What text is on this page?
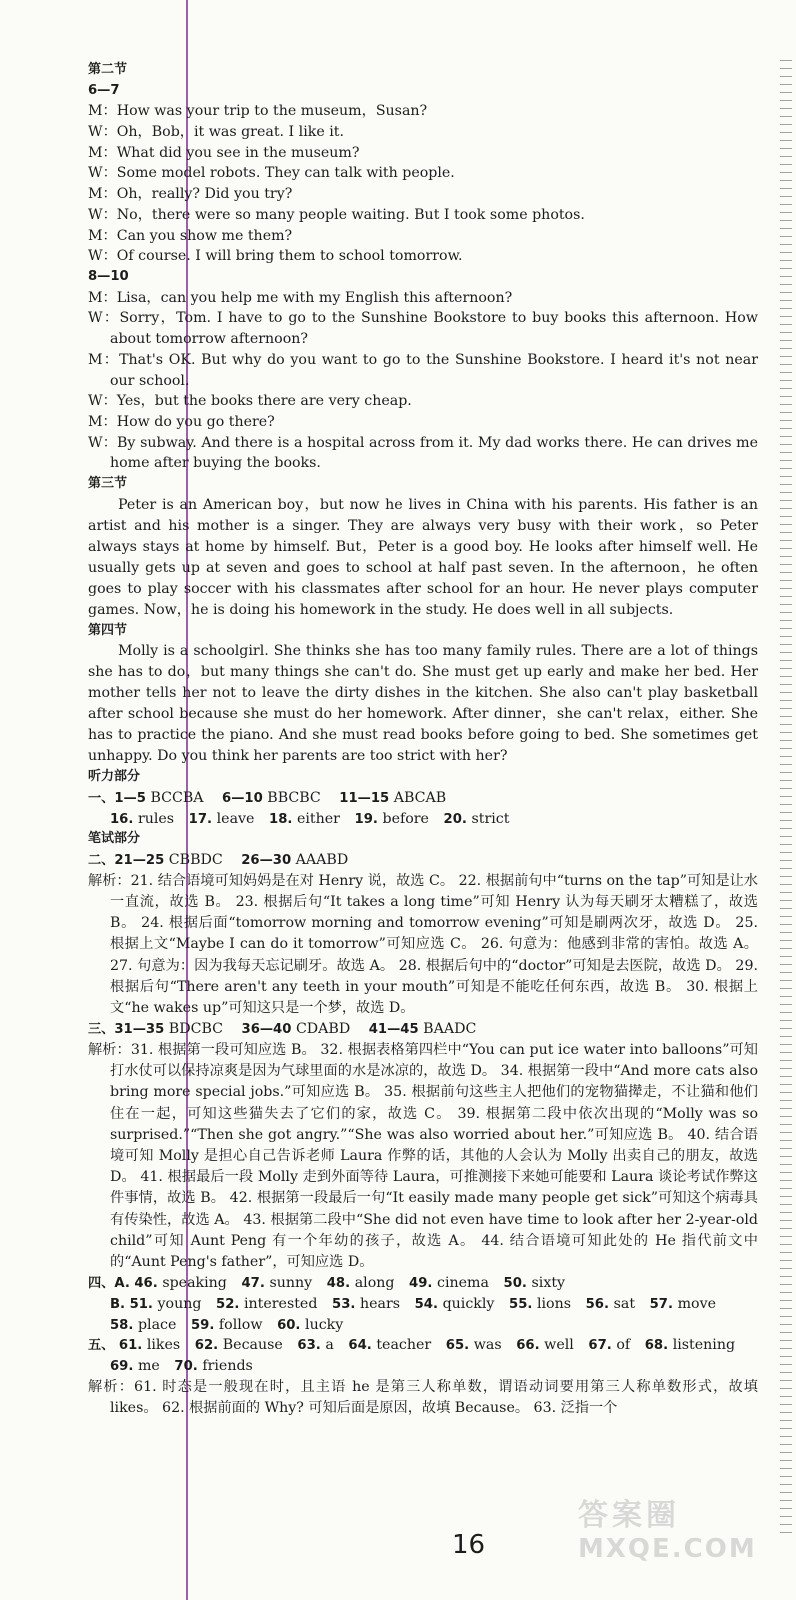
第二节
6—7
M：How was your trip to the museum，Susan?
W：Oh，Bob，it was great. I like it.
M：What did you see in the museum?
W：Some model robots. They can talk with people.
M：Oh，really? Did you try?
W：No，there were so many people waiting. But I took some photos.
M：Can you show me them?
W：Of course. I will bring them to school tomorrow.
8—10
M：Lisa，can you help me with my English this afternoon?
W：Sorry，Tom. I have to go to the Sunshine Bookstore to buy books this afternoon. How about tomorrow afternoon?
M：That's OK. But why do you want to go to the Sunshine Bookstore. I heard it's not near our school.
W：Yes，but the books there are very cheap.
M：How do you go there?
W：By subway. And there is a hospital across from it. My dad works there. He can drives me home after buying the books.
第三节
Peter is an American boy，but now he lives in China with his parents. His father is an artist and his mother is a singer. They are always very busy with their work，so Peter always stays at home by himself. But，Peter is a good boy. He looks after himself well. He usually gets up at seven and goes to school at half past seven. In the afternoon，he often goes to play soccer with his classmates after school for an hour. He never plays computer games. Now，he is doing his homework in the study. He does well in all subjects.
第四节
Molly is a schoolgirl. She thinks she has too many family rules. There are a lot of things she has to do，but many things she can't do. She must get up early and make her bed. Her mother tells her not to leave the dirty dishes in the kitchen. She also can't play basketball after school because she must do her homework. After dinner，she can't relax，either. She has to practice the piano. And she must read books before going to bed. She sometimes get unhappy. Do you think her parents are too strict with her?
听力部分
一、1—5 BCCBA 6—10 BBCBC 11—15 ABCAB
16. rules 17. leave 18. either 19. before 20. strict
笔试部分
二、21—25 CBBDC 26—30 AAABD
解析：21. 结合语境可知妈妈是在对 Henry 说，故选 C。 22. 根据前句中“turns on the tap”可知是让水一直流，故选 B。 23. 根据后句“It takes a long time”可知 Henry 认为每天刷牙太糟糕了，故选 B。 24. 根据后面“tomorrow morning and tomorrow evening”可知是刷两次牙，故选 D。 25. 根据上文“Maybe I can do it tomorrow”可知应选 C。 26. 句意为：他感到非常的害怕。故选 A。 27. 句意为：因为我每天忘记刷牙。故选 A。 28. 根据后句中的“doctor”可知是去医院，故选 D。 29. 根据后句“There aren't any teeth in your mouth”可知是不能吃任何东西，故选 B。 30. 根据上文“he wakes up”可知这只是一个梦，故选 D。
三、31—35 BDCBC 36—40 CDABD 41—45 BAADC
解析：31. 根据第一段可知应选 B。 32. 根据表格第四栏中“You can put ice water into balloons”可知打水仗可以保持凉爽是因为气球里面的水是冰凉的，故选 D。 34. 根据第一段中“And more cats also bring more special jobs.”可知应选 B。 35. 根据前句这些主人把他们的宠物猫撵走，不让猫和他们住在一起，可知这些猫失去了它们的家，故选 C。 39. 根据第二段中依次出现的“Molly was so surprised.”“Then she got angry.”“She was also worried about her.”可知应选 B。 40. 结合语境可知 Molly 是担心自己告诉老师 Laura 作弊的话，其他的人会认为 Molly 出卖自己的朋友，故选 D。 41. 根据最后一段 Molly 走到外面等待 Laura，可推测接下来她可能要和 Laura 谈论考试作弊这件事情，故选 B。 42. 根据第一段最后一句“It easily made many people get sick”可知这个病毒具有传染性，故选 A。 43. 根据第二段中“She did not even have time to look after her 2-year-old child”可知 Aunt Peng 有一个年幼的孩子，故选 A。 44. 结合语境可知此处的 He 指代前文中的“Aunt Peng's father”，可知应选 D。
四、A. 46. speaking 47. sunny 48. along 49. cinema 50. sixty
B. 51. young 52. interested 53. hears 54. quickly 55. lions 56. sat 57. move
58. place 59. follow 60. lucky
五、 61. likes 62. Because 63. a 64. teacher 65. was 66. well 67. of 68. listening
69. me 70. friends
解析：61. 时态是一般现在时，且主语 he 是第三人称单数，谓语动词要用第三人称单数形式，故填 likes。 62. 根据前面的 Why? 可知后面是原因，故填 Because。 63. 泛指一个
16
答案圈
MXQE.COM
